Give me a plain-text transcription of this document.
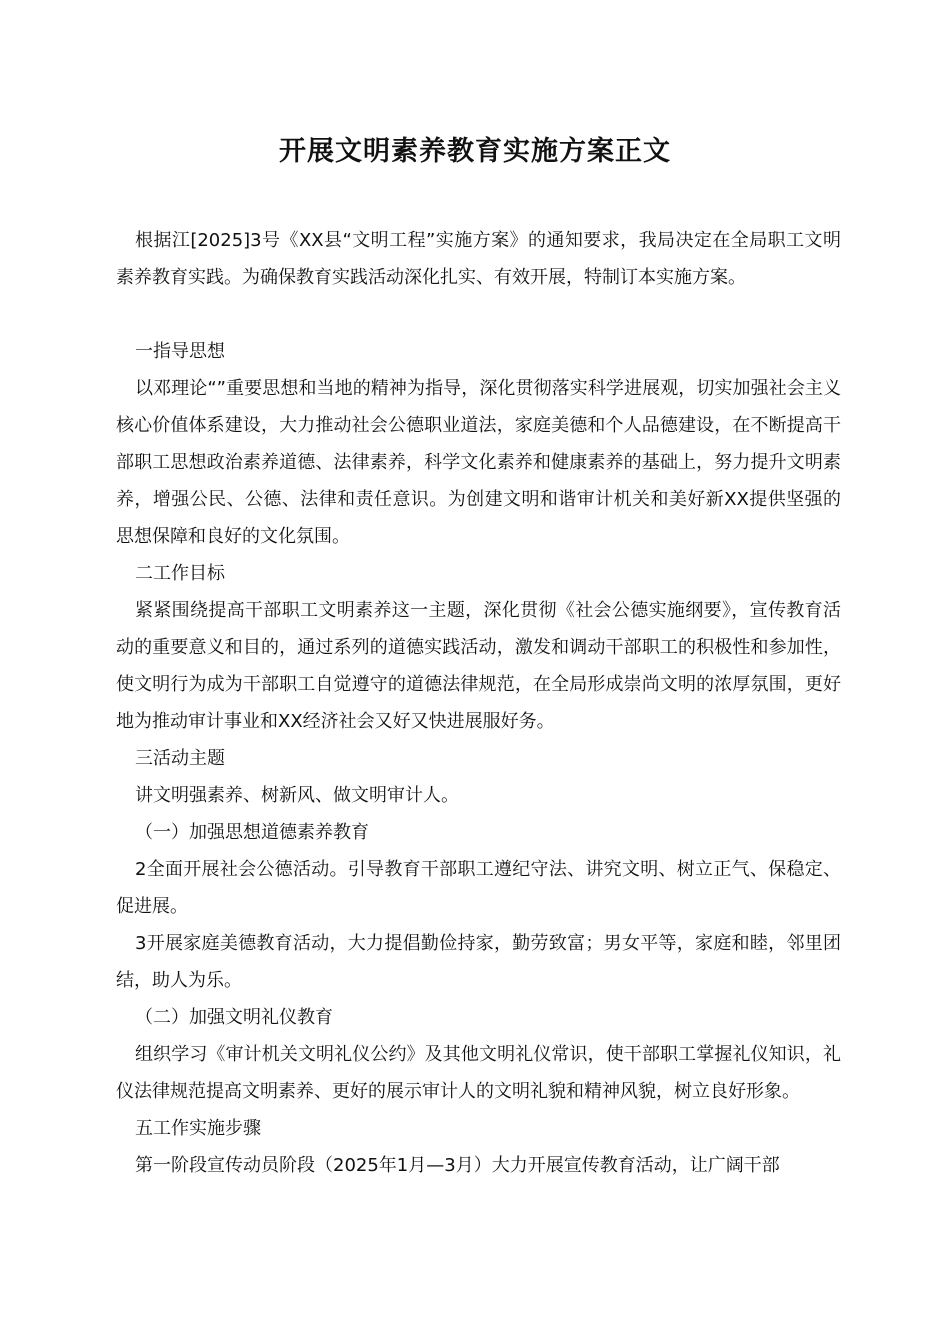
开展文明素养教育实施方案正文

根据江[2025]3号《XX县“文明工程”实施方案》的通知要求，我局决定在全局职工文明素养教育实践。为确保教育实践活动深化扎实、有效开展，特制订本实施方案。

一指导思想

以邓理论“”重要思想和当地的精神为指导，深化贯彻落实科学进展观，切实加强社会主义核心价值体系建设，大力推动社会公德职业道法，家庭美德和个人品德建设，在不断提高干部职工思想政治素养道德、法律素养，科学文化素养和健康素养的基础上，努力提升文明素养，增强公民、公德、法律和责任意识。为创建文明和谐审计机关和美好新XX提供坚强的思想保障和良好的文化氛围。

二工作目标

紧紧围绕提高干部职工文明素养这一主题，深化贯彻《社会公德实施纲要》，宣传教育活动的重要意义和目的，通过系列的道德实践活动，激发和调动干部职工的积极性和参加性，使文明行为成为干部职工自觉遵守的道德法律规范，在全局形成崇尚文明的浓厚氛围，更好地为推动审计事业和XX经济社会又好又快进展服好务。

三活动主题

讲文明强素养、树新风、做文明审计人。

（一）加强思想道德素养教育

2全面开展社会公德活动。引导教育干部职工遵纪守法、讲究文明、树立正气、保稳定、促进展。

3开展家庭美德教育活动，大力提倡勤俭持家，勤劳致富；男女平等，家庭和睦，邻里团结，助人为乐。

（二）加强文明礼仪教育

组织学习《审计机关文明礼仪公约》及其他文明礼仪常识，使干部职工掌握礼仪知识，礼仪法律规范提高文明素养、更好的展示审计人的文明礼貌和精神风貌，树立良好形象。

五工作实施步骤

第一阶段宣传动员阶段（2025年1月—3月）大力开展宣传教育活动，让广阔干部
